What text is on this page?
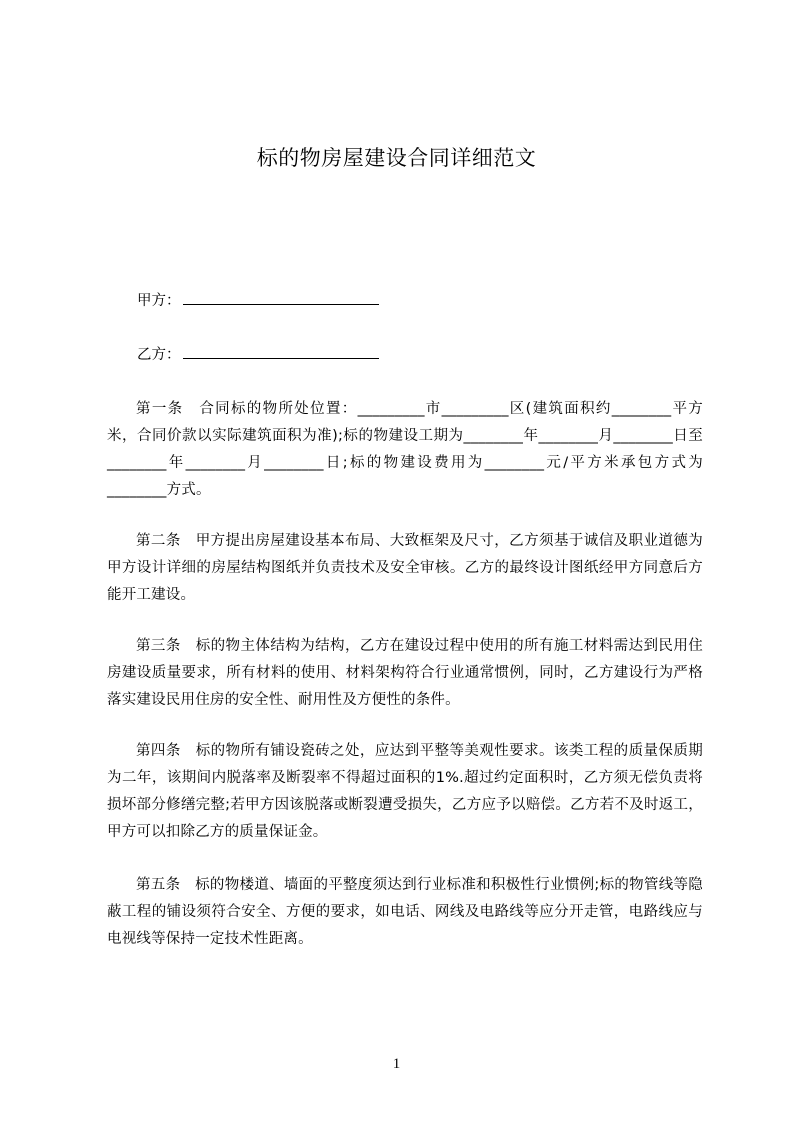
标的物房屋建设合同详细范文
甲方：
乙方：

第一条　合同标的物所处位置：_________市_________区(建筑面积约________平方米，合同价款以实际建筑面积为准);标的物建设工期为________年________月________日至________年________月________日;标的物建设费用为________元/平方米承包方式为________方式。

第二条　甲方提出房屋建设基本布局、大致框架及尺寸，乙方须基于诚信及职业道德为甲方设计详细的房屋结构图纸并负责技术及安全审核。乙方的最终设计图纸经甲方同意后方能开工建设。

第三条　标的物主体结构为结构，乙方在建设过程中使用的所有施工材料需达到民用住房建设质量要求，所有材料的使用、材料架构符合行业通常惯例，同时，乙方建设行为严格落实建设民用住房的安全性、耐用性及方便性的条件。

第四条　标的物所有铺设瓷砖之处，应达到平整等美观性要求。该类工程的质量保质期为二年，该期间内脱落率及断裂率不得超过面积的1%.超过约定面积时，乙方须无偿负责将损坏部分修缮完整;若甲方因该脱落或断裂遭受损失，乙方应予以赔偿。乙方若不及时返工，甲方可以扣除乙方的质量保证金。

第五条　标的物楼道、墙面的平整度须达到行业标准和积极性行业惯例;标的物管线等隐蔽工程的铺设须符合安全、方便的要求，如电话、网线及电路线等应分开走管，电路线应与电视线等保持一定技术性距离。

1
